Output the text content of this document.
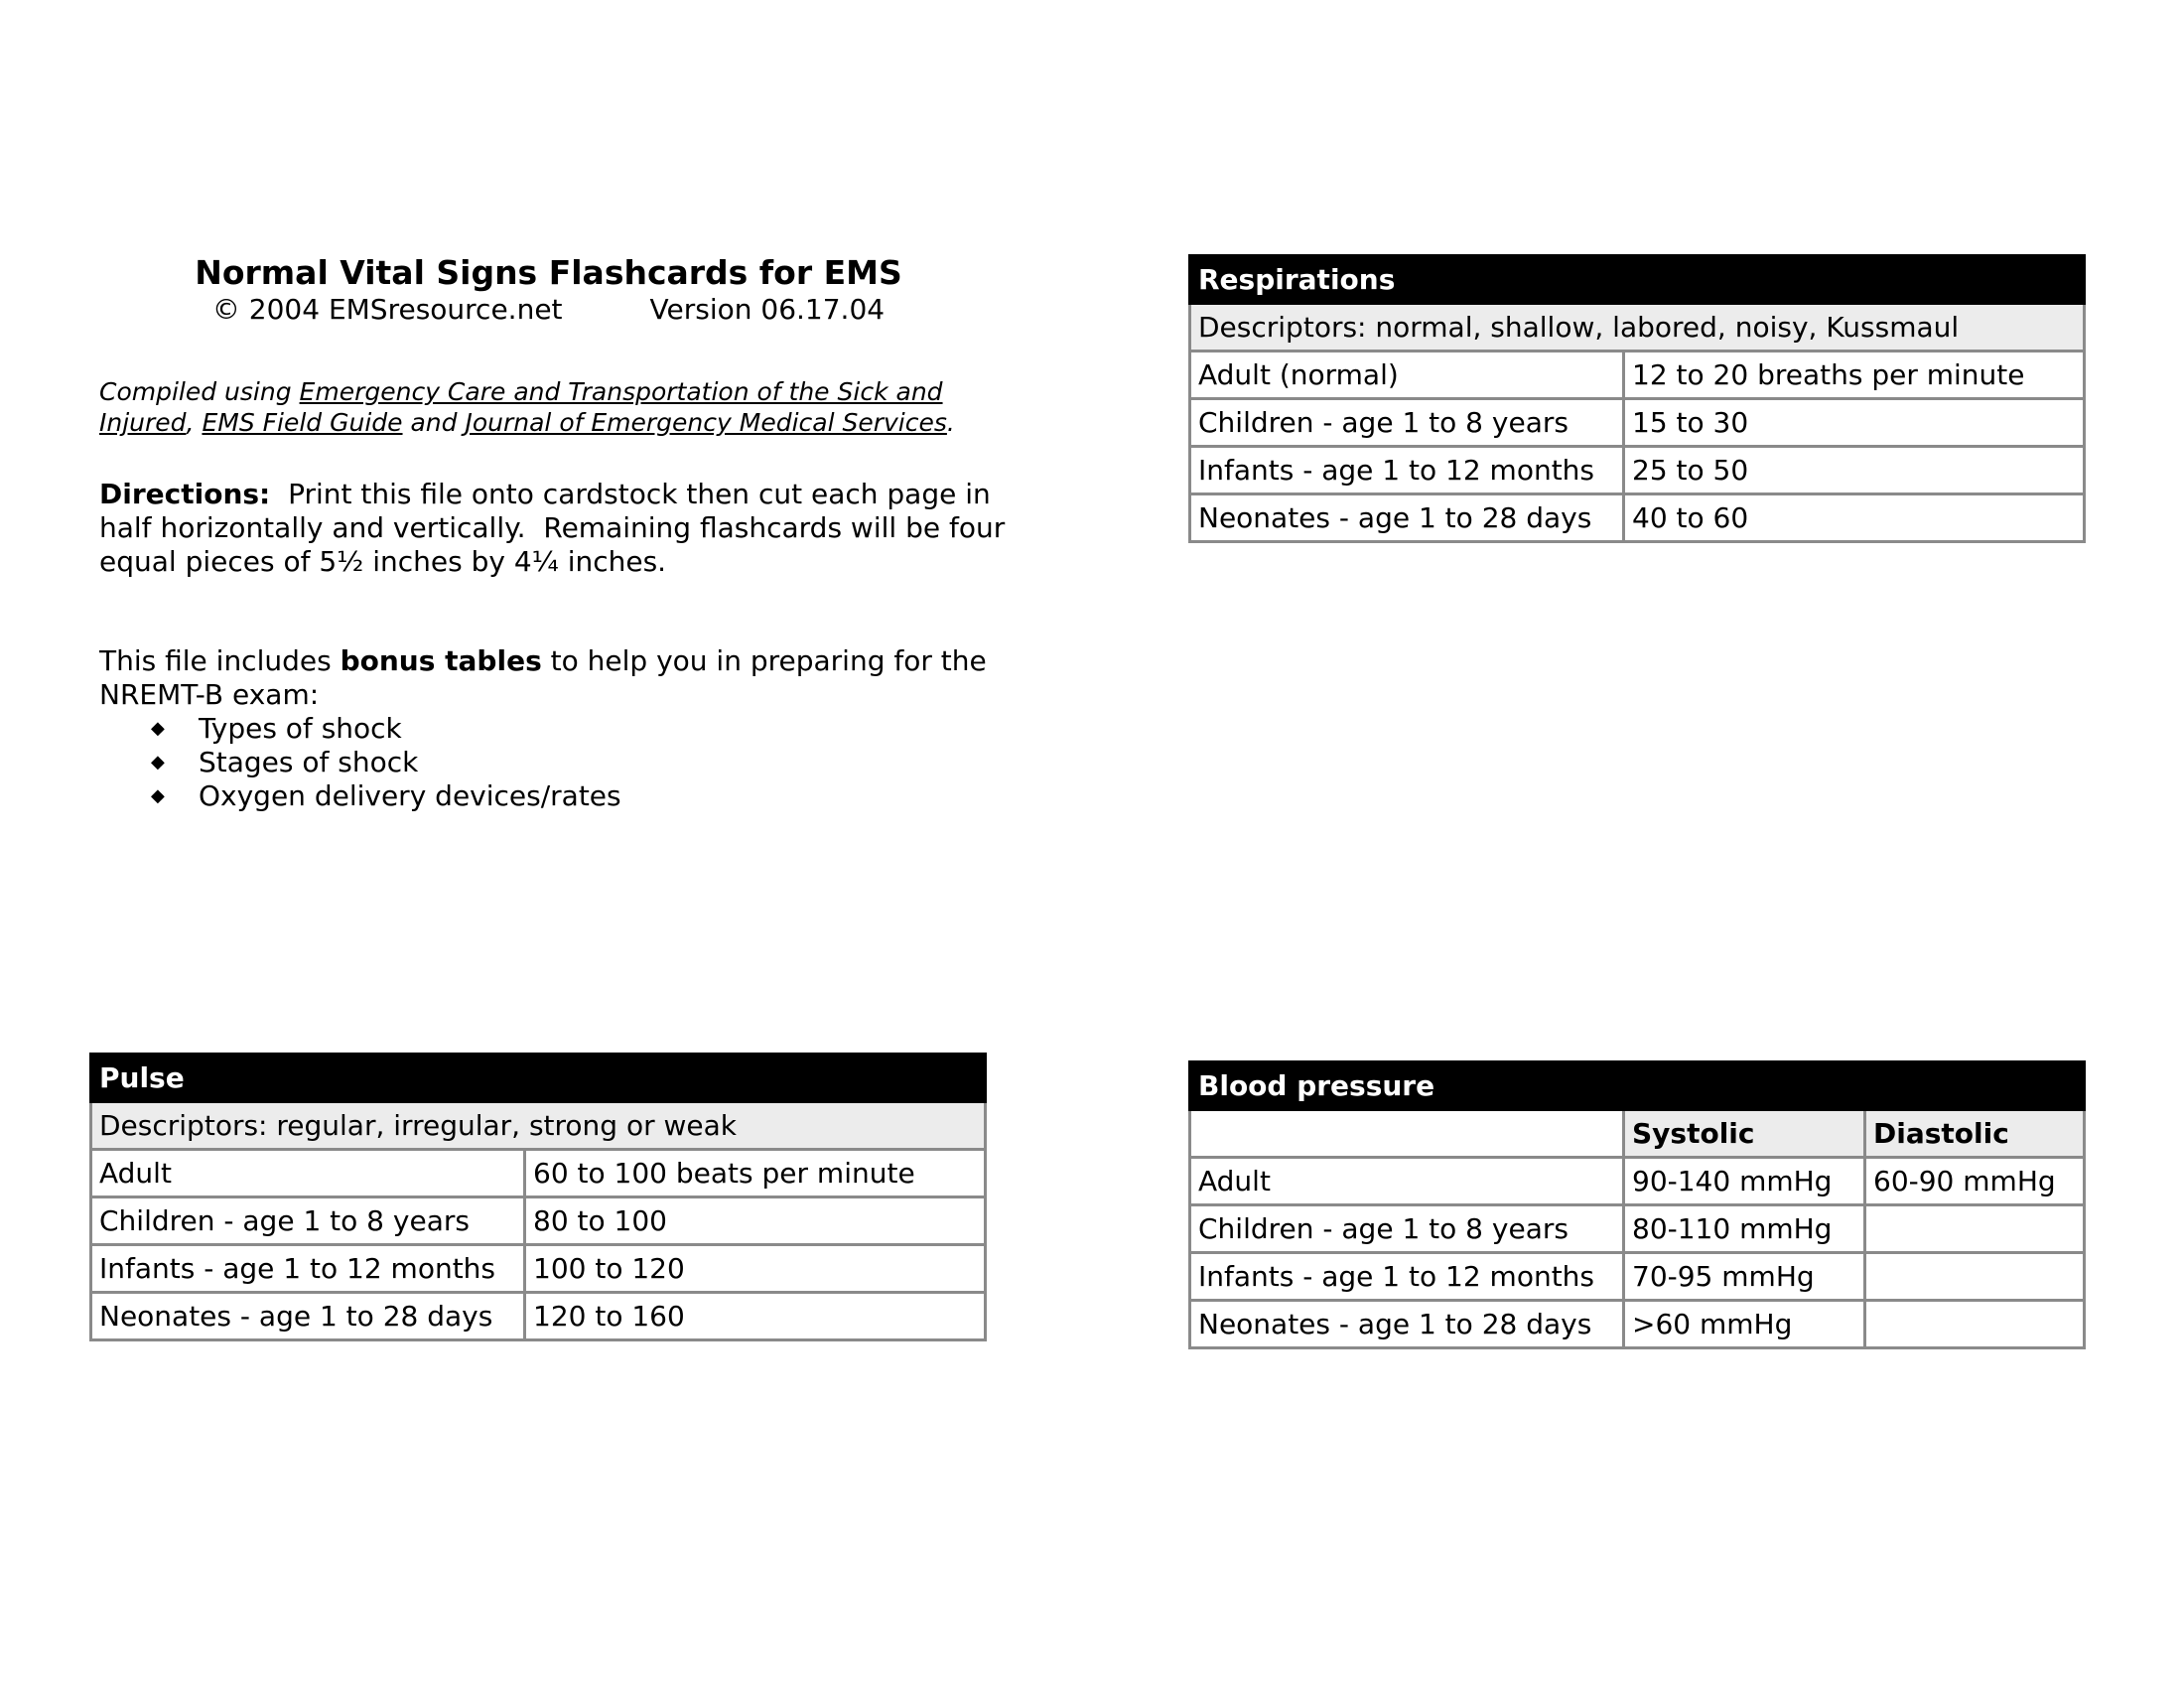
Normal Vital Signs Flashcards for EMS
© 2004 EMSresource.net	Version 06.17.04
Compiled using Emergency Care and Transportation of the Sick and Injured, EMS Field Guide and Journal of Emergency Medical Services.
Directions:  Print this file onto cardstock then cut each page in half horizontally and vertically.  Remaining flashcards will be four equal pieces of 5½ inches by 4¼ inches.
This file includes bonus tables to help you in preparing for the NREMT-B exam:
◆	Types of shock
◆	Stages of shock
◆	Oxygen delivery devices/rates
Respirations	
Descriptors: normal, shallow, labored, noisy, Kussmaul	
Adult (normal)	12 to 20 breaths per minute
Children - age 1 to 8 years	15 to 30
Infants - age 1 to 12 months	25 to 50
Neonates - age 1 to 28 days	40 to 60
Pulse	
Descriptors: regular, irregular, strong or weak	
Adult	60 to 100 beats per minute
Children - age 1 to 8 years	80 to 100
Infants - age 1 to 12 months	100 to 120
Neonates - age 1 to 28 days	120 to 160
Blood pressure		
	Systolic	Diastolic
Adult	90-140 mmHg	60-90 mmHg
Children - age 1 to 8 years	80-110 mmHg	
Infants - age 1 to 12 months	70-95 mmHg	
Neonates - age 1 to 28 days	>60 mmHg	
